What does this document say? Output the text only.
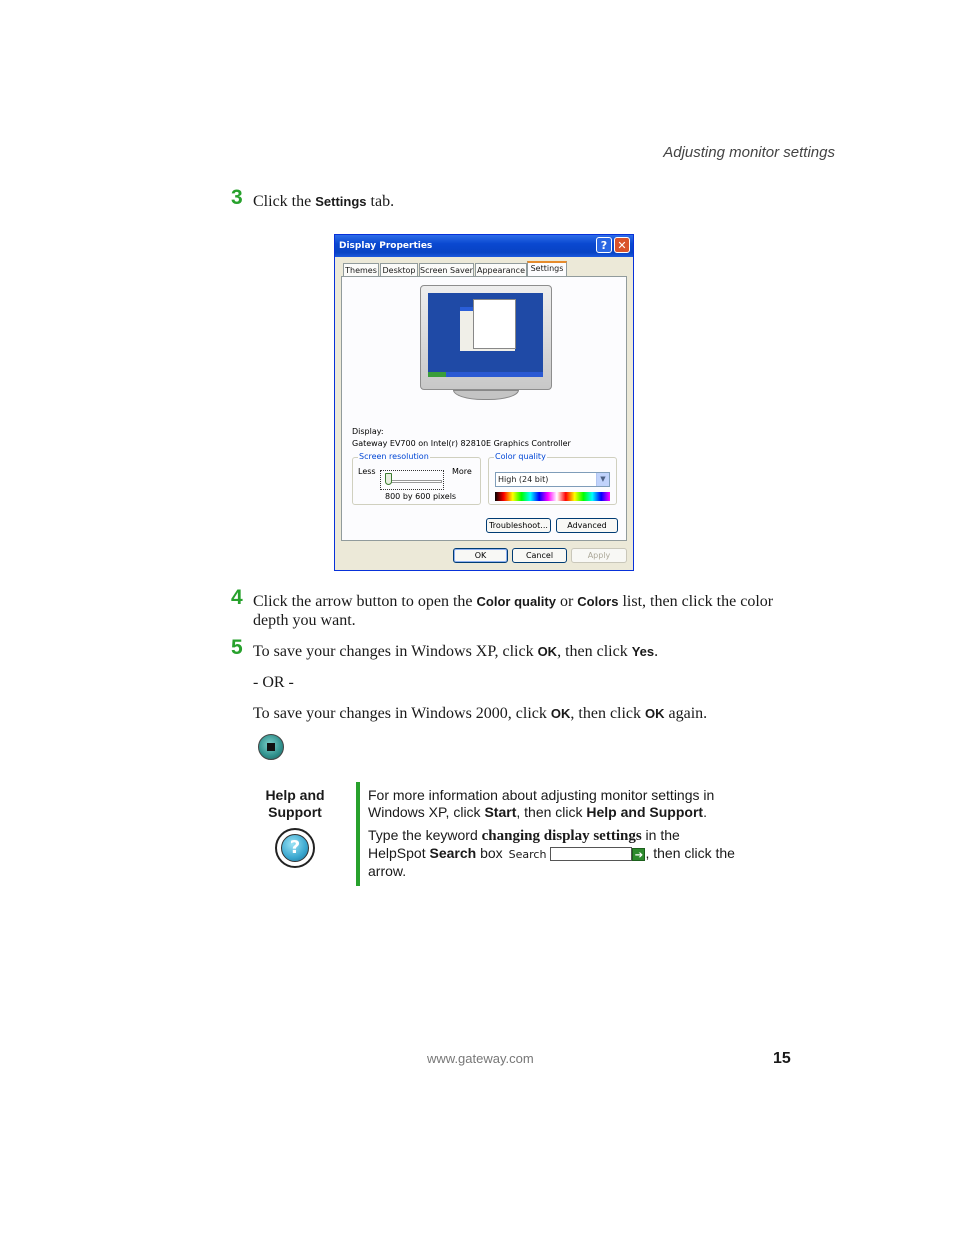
Adjusting monitor settings
3 Click the Settings tab.
Display Properties	? ✕
Themes Desktop Screen Saver Appearance Settings
Display:
Gateway EV700 on Intel(r) 82810E Graphics Controller
Screen resolution
Less	More
800 by 600 pixels
Color quality
High (24 bit)	▼
Troubleshoot...	Advanced
OK	Cancel	Apply
4 Click the arrow button to open the Color quality or Colors list, then click the color depth you want.
5 To save your changes in Windows XP, click OK, then click Yes.
- OR -
To save your changes in Windows 2000, click OK, then click OK again.
Help and
Support
?
For more information about adjusting monitor settings in Windows XP, click Start, then click Help and Support.
Type the keyword changing display settings in the HelpSpot Search box Search	➔ , then click the arrow.
www.gateway.com	15
